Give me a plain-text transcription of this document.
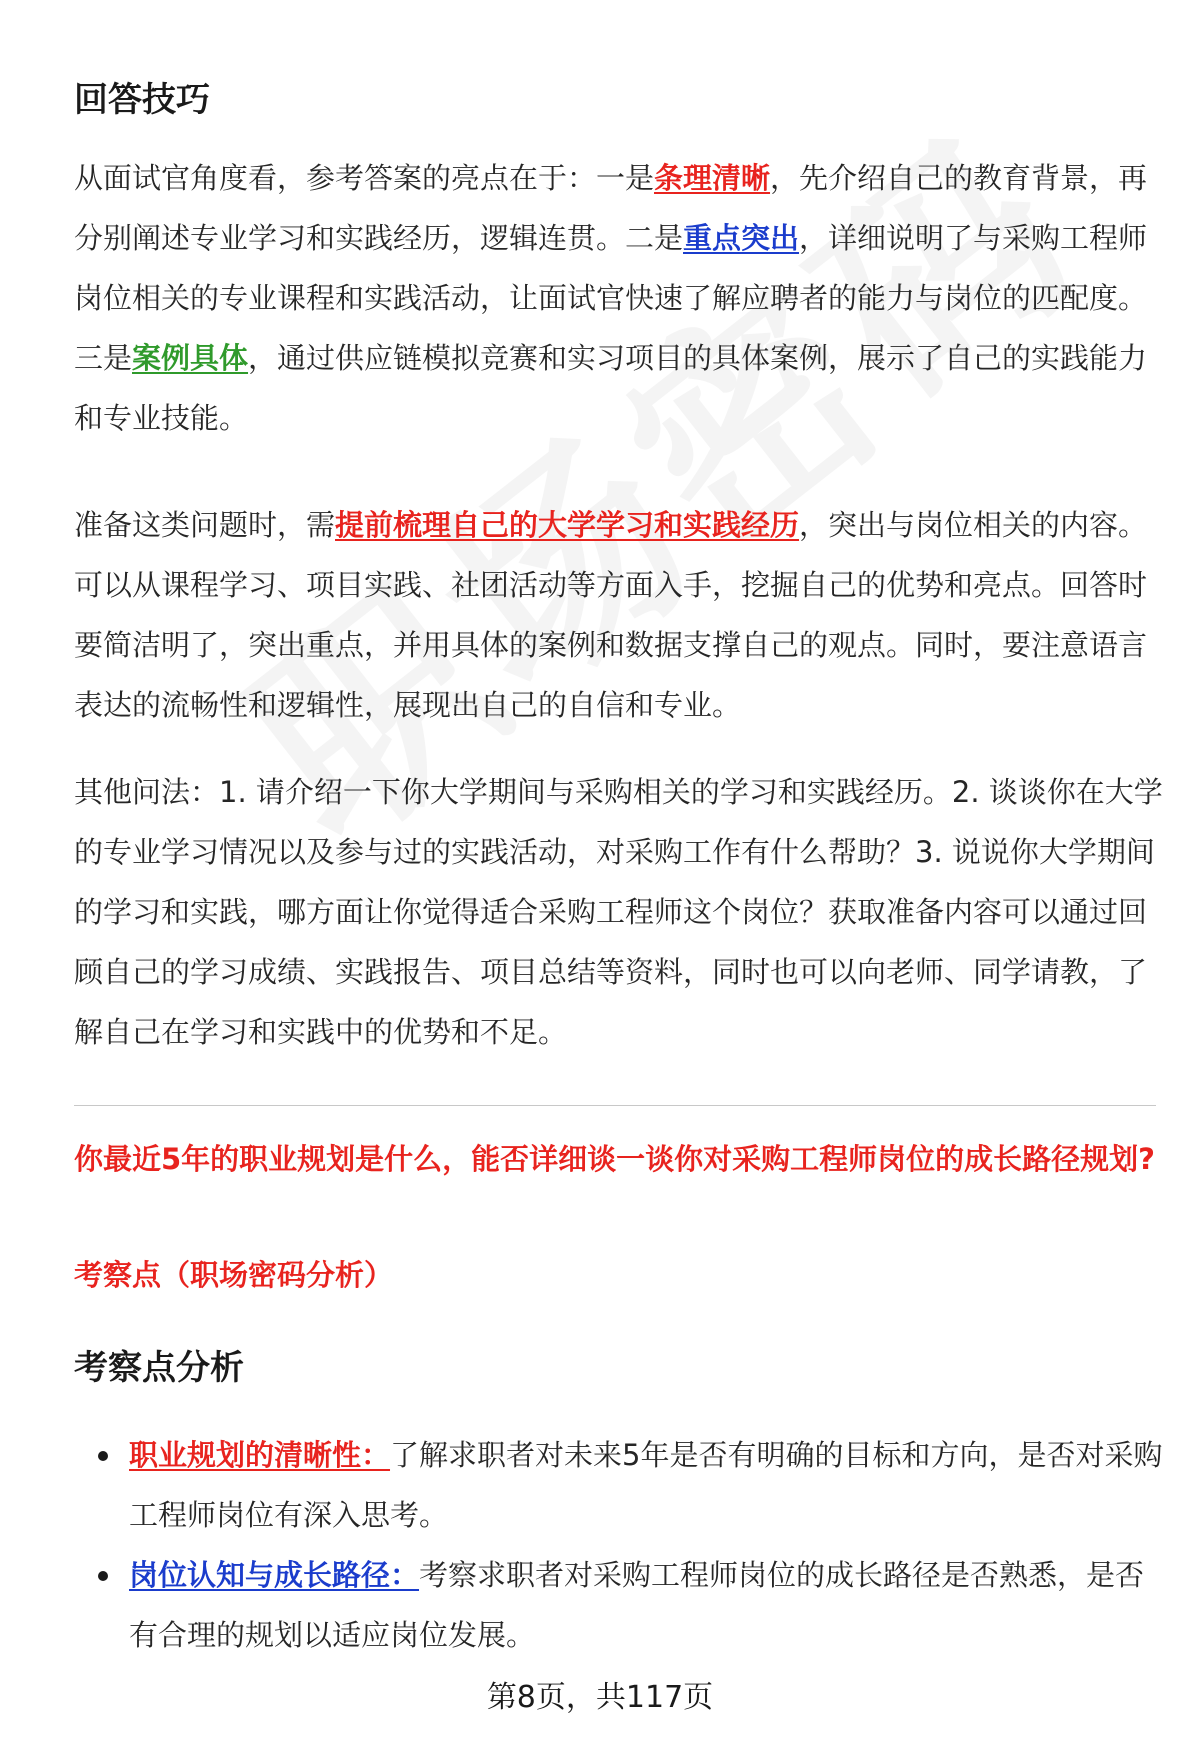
回答技巧

从面试官角度看，参考答案的亮点在于：一是条理清晰，先介绍自己的教育背景，再分别阐述专业学习和实践经历，逻辑连贯。二是重点突出，详细说明了与采购工程师岗位相关的专业课程和实践活动，让面试官快速了解应聘者的能力与岗位的匹配度。三是案例具体，通过供应链模拟竞赛和实习项目的具体案例，展示了自己的实践能力和专业技能。

准备这类问题时，需提前梳理自己的大学学习和实践经历，突出与岗位相关的内容。可以从课程学习、项目实践、社团活动等方面入手，挖掘自己的优势和亮点。回答时要简洁明了，突出重点，并用具体的案例和数据支撑自己的观点。同时，要注意语言表达的流畅性和逻辑性，展现出自己的自信和专业。

其他问法：1. 请介绍一下你大学期间与采购相关的学习和实践经历。2. 谈谈你在大学的专业学习情况以及参与过的实践活动，对采购工作有什么帮助？3. 说说你大学期间的学习和实践，哪方面让你觉得适合采购工程师这个岗位？获取准备内容可以通过回顾自己的学习成绩、实践报告、项目总结等资料，同时也可以向老师、同学请教，了解自己在学习和实践中的优势和不足。

你最近5年的职业规划是什么，能否详细谈一谈你对采购工程师岗位的成长路径规划?

考察点（职场密码分析）

考察点分析
职业规划的清晰性：了解求职者对未来5年是否有明确的目标和方向，是否对采购工程师岗位有深入思考。
岗位认知与成长路径：考察求职者对采购工程师岗位的成长路径是否熟悉，是否有合理的规划以适应岗位发展。
第8页，共117页
